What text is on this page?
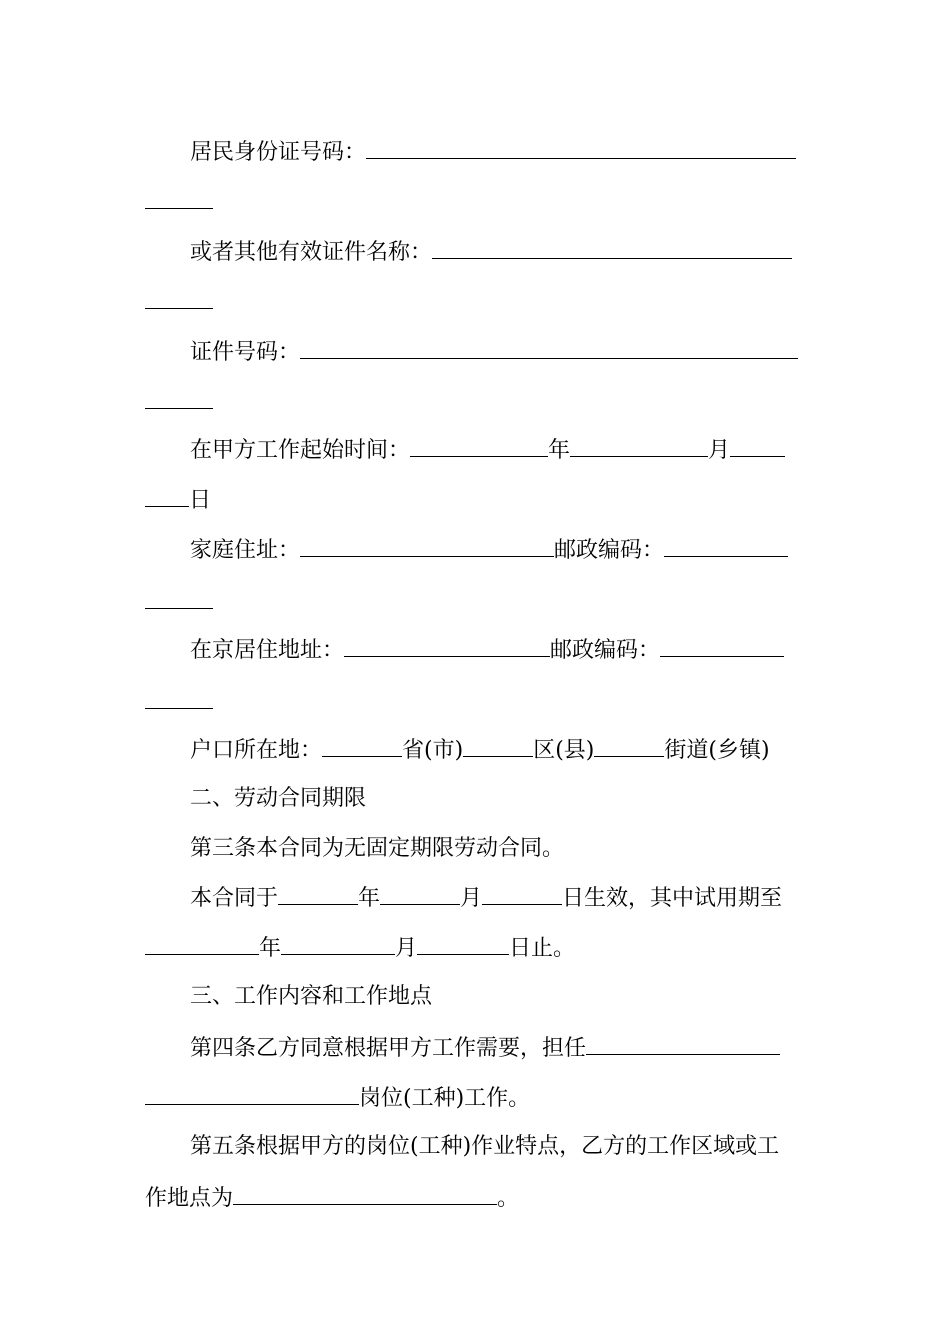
居民身份证号码：
或者其他有效证件名称：
证件号码：
在甲方工作起始时间：	年	月
日
家庭住址：	邮政编码：
在京居住地址：	邮政编码：
户口所在地：	省(市)	区(县)	街道(乡镇)
二、劳动合同期限
第三条本合同为无固定期限劳动合同。
本合同于	年	月	日生效，其中试用期至
年	月	日止。
三、工作内容和工作地点
第四条乙方同意根据甲方工作需要，担任
岗位(工种)工作。
第五条根据甲方的岗位(工种)作业特点，乙方的工作区域或工
作地点为	。
